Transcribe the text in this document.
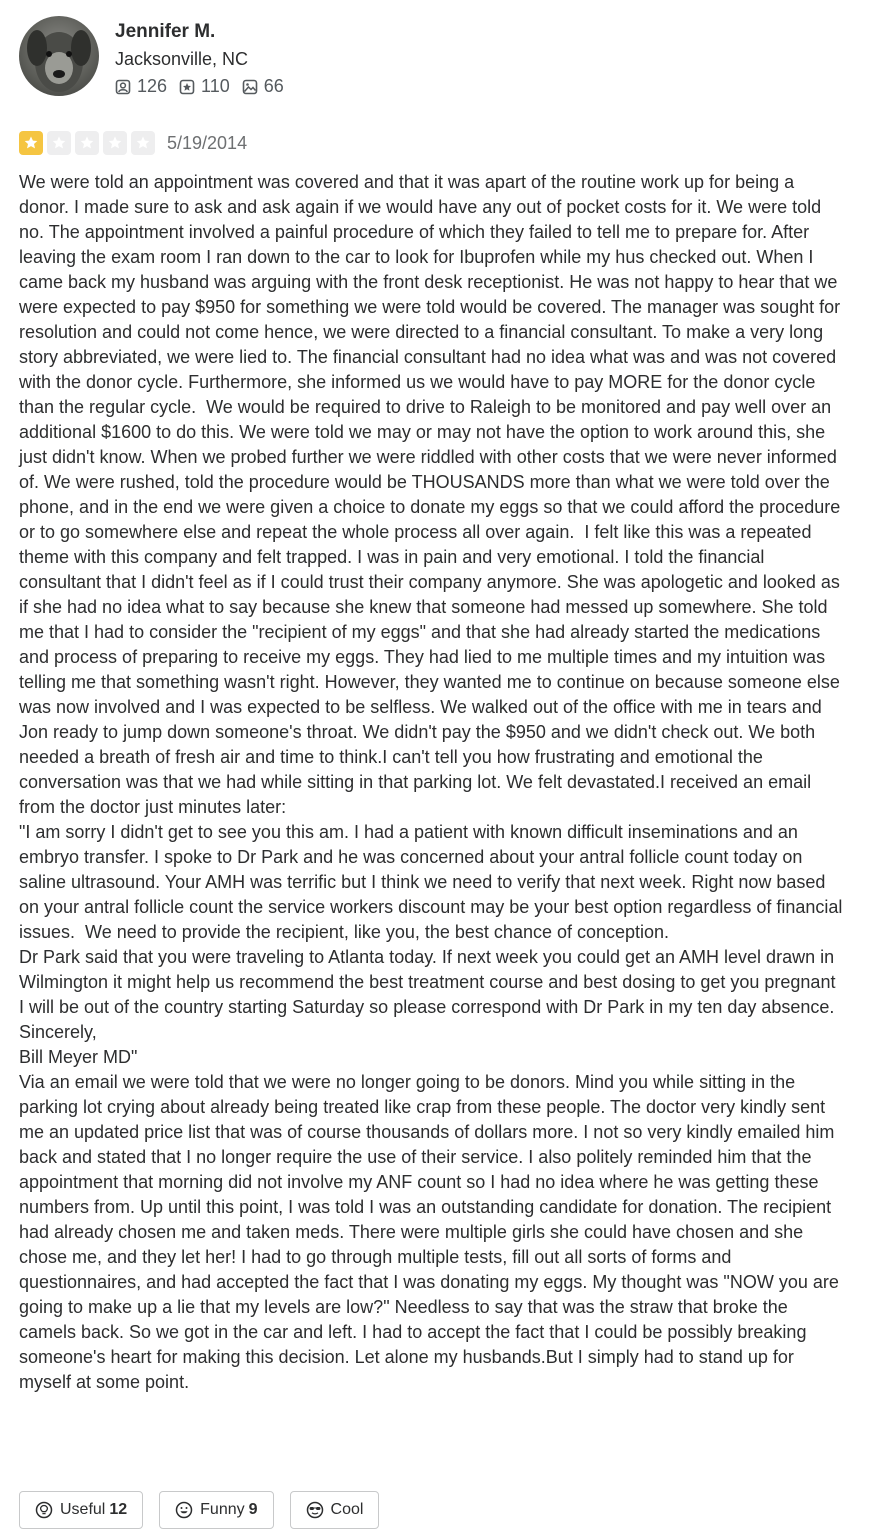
Jennifer M.
Jacksonville, NC
126 110 66
5/19/2014
We were told an appointment was covered and that it was apart of the routine work up for being a donor. I made sure to ask and ask again if we would have any out of pocket costs for it. We were told no. The appointment involved a painful procedure of which they failed to tell me to prepare for. After leaving the exam room I ran down to the car to look for Ibuprofen while my hus checked out. When I came back my husband was arguing with the front desk receptionist. He was not happy to hear that we were expected to pay $950 for something we were told would be covered. The manager was sought for resolution and could not come hence, we were directed to a financial consultant. To make a very long story abbreviated, we were lied to. The financial consultant had no idea what was and was not covered with the donor cycle. Furthermore, she informed us we would have to pay MORE for the donor cycle than the regular cycle.  We would be required to drive to Raleigh to be monitored and pay well over an additional $1600 to do this. We were told we may or may not have the option to work around this, she just didn't know. When we probed further we were riddled with other costs that we were never informed of. We were rushed, told the procedure would be THOUSANDS more than what we were told over the phone, and in the end we were given a choice to donate my eggs so that we could afford the procedure or to go somewhere else and repeat the whole process all over again.  I felt like this was a repeated theme with this company and felt trapped. I was in pain and very emotional. I told the financial consultant that I didn't feel as if I could trust their company anymore. She was apologetic and looked as if she had no idea what to say because she knew that someone had messed up somewhere. She told me that I had to consider the "recipient of my eggs" and that she had already started the medications and process of preparing to receive my eggs. They had lied to me multiple times and my intuition was telling me that something wasn't right. However, they wanted me to continue on because someone else was now involved and I was expected to be selfless. We walked out of the office with me in tears and Jon ready to jump down someone's throat. We didn't pay the $950 and we didn't check out. We both needed a breath of fresh air and time to think.I can't tell you how frustrating and emotional the conversation was that we had while sitting in that parking lot. We felt devastated.I received an email from the doctor just minutes later:
"I am sorry I didn't get to see you this am. I had a patient with known difficult inseminations and an embryo transfer. I spoke to Dr Park and he was concerned about your antral follicle count today on saline ultrasound. Your AMH was terrific but I think we need to verify that next week. Right now based on your antral follicle count the service workers discount may be your best option regardless of financial issues.  We need to provide the recipient, like you, the best chance of conception.
Dr Park said that you were traveling to Atlanta today. If next week you could get an AMH level drawn in Wilmington it might help us recommend the best treatment course and best dosing to get you pregnant
I will be out of the country starting Saturday so please correspond with Dr Park in my ten day absence.
Sincerely,
Bill Meyer MD"
Via an email we were told that we were no longer going to be donors. Mind you while sitting in the parking lot crying about already being treated like crap from these people. The doctor very kindly sent me an updated price list that was of course thousands of dollars more. I not so very kindly emailed him back and stated that I no longer require the use of their service. I also politely reminded him that the appointment that morning did not involve my ANF count so I had no idea where he was getting these numbers from. Up until this point, I was told I was an outstanding candidate for donation. The recipient had already chosen me and taken meds. There were multiple girls she could have chosen and she chose me, and they let her! I had to go through multiple tests, fill out all sorts of forms and questionnaires, and had accepted the fact that I was donating my eggs. My thought was "NOW you are going to make up a lie that my levels are low?" Needless to say that was the straw that broke the camels back. So we got in the car and left. I had to accept the fact that I could be possibly breaking someone's heart for making this decision. Let alone my husbands.But I simply had to stand up for myself at some point.
Useful 12	Funny 9	Cool
